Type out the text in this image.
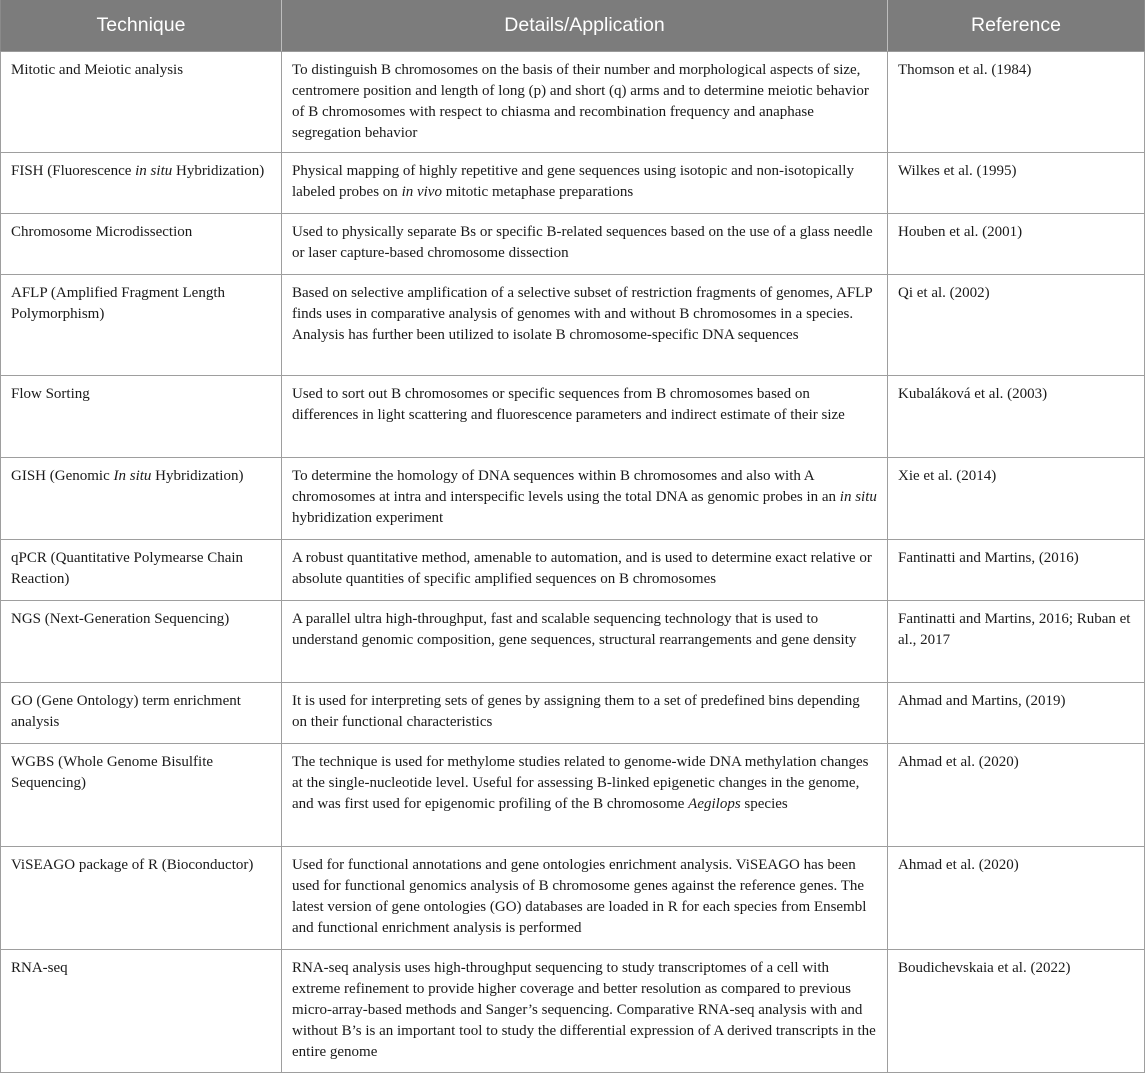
Technique	Details/Application	Reference
Mitotic and Meiotic analysis	To distinguish B chromosomes on the basis of their number and morphological aspects of size, centromere position and length of long (p) and short (q) arms and to determine meiotic behavior of B chromosomes with respect to chiasma and recombination frequency and anaphase segregation behavior	Thomson et al. (1984)
FISH (Fluorescence in situ Hybridization)	Physical mapping of highly repetitive and gene sequences using isotopic and non-isotopically labeled probes on in vivo mitotic metaphase preparations	Wilkes et al. (1995)
Chromosome Microdissection	Used to physically separate Bs or specific B-related sequences based on the use of a glass needle or laser capture-based chromosome dissection	Houben et al. (2001)
AFLP (Amplified Fragment Length Polymorphism)	Based on selective amplification of a selective subset of restriction fragments of genomes, AFLP finds uses in comparative analysis of genomes with and without B chromosomes in a species. Analysis has further been utilized to isolate B chromosome-specific DNA sequences	Qi et al. (2002)
Flow Sorting	Used to sort out B chromosomes or specific sequences from B chromosomes based on differences in light scattering and fluorescence parameters and indirect estimate of their size	Kubaláková et al. (2003)
GISH (Genomic In situ Hybridization)	To determine the homology of DNA sequences within B chromosomes and also with A chromosomes at intra and interspecific levels using the total DNA as genomic probes in an in situ hybridization experiment	Xie et al. (2014)
qPCR (Quantitative Polymearse Chain Reaction)	A robust quantitative method, amenable to automation, and is used to determine exact relative or absolute quantities of specific amplified sequences on B chromosomes	Fantinatti and Martins, (2016)
NGS (Next-Generation Sequencing)	A parallel ultra high-throughput, fast and scalable sequencing technology that is used to understand genomic composition, gene sequences, structural rearrangements and gene density	Fantinatti and Martins, 2016; Ruban et al., 2017
GO (Gene Ontology) term enrichment analysis	It is used for interpreting sets of genes by assigning them to a set of predefined bins depending on their functional characteristics	Ahmad and Martins, (2019)
WGBS (Whole Genome Bisulfite Sequencing)	The technique is used for methylome studies related to genome-wide DNA methylation changes at the single-nucleotide level. Useful for assessing B-linked epigenetic changes in the genome, and was first used for epigenomic profiling of the B chromosome Aegilops species	Ahmad et al. (2020)
ViSEAGO package of R (Bioconductor)	Used for functional annotations and gene ontologies enrichment analysis. ViSEAGO has been used for functional genomics analysis of B chromosome genes against the reference genes. The latest version of gene ontologies (GO) databases are loaded in R for each species from Ensembl and functional enrichment analysis is performed	Ahmad et al. (2020)
RNA-seq	RNA-seq analysis uses high-throughput sequencing to study transcriptomes of a cell with extreme refinement to provide higher coverage and better resolution as compared to previous micro-array-based methods and Sanger’s sequencing. Comparative RNA-seq analysis with and without B’s is an important tool to study the differential expression of A derived transcripts in the entire genome	Boudichevskaia et al. (2022)
